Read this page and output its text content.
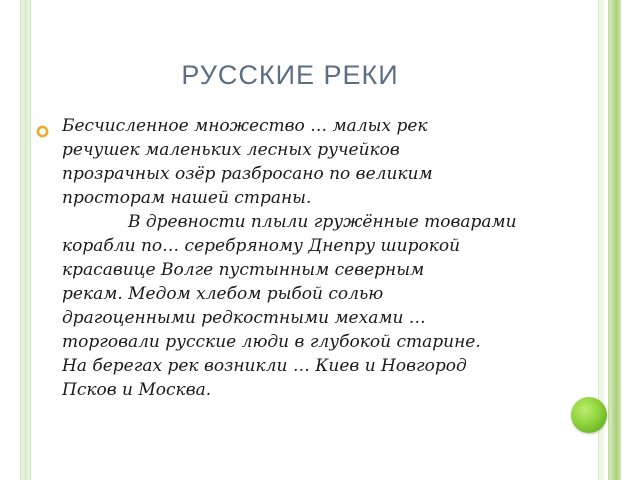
РУССКИЕ РЕКИ
Бесчисленное множество … малых рек
речушек маленьких лесных ручейков
прозрачных озёр разбросано по великим
просторам нашей страны.
В древности плыли гружённые товарами
корабли по… серебряному Днепру широкой
красавице Волге пустынным северным
рекам. Медом хлебом рыбой солью
драгоценными редкостными мехами …
торговали русские люди в глубокой старине.
На берегах рек возникли … Киев и Новгород
Псков и Москва.
